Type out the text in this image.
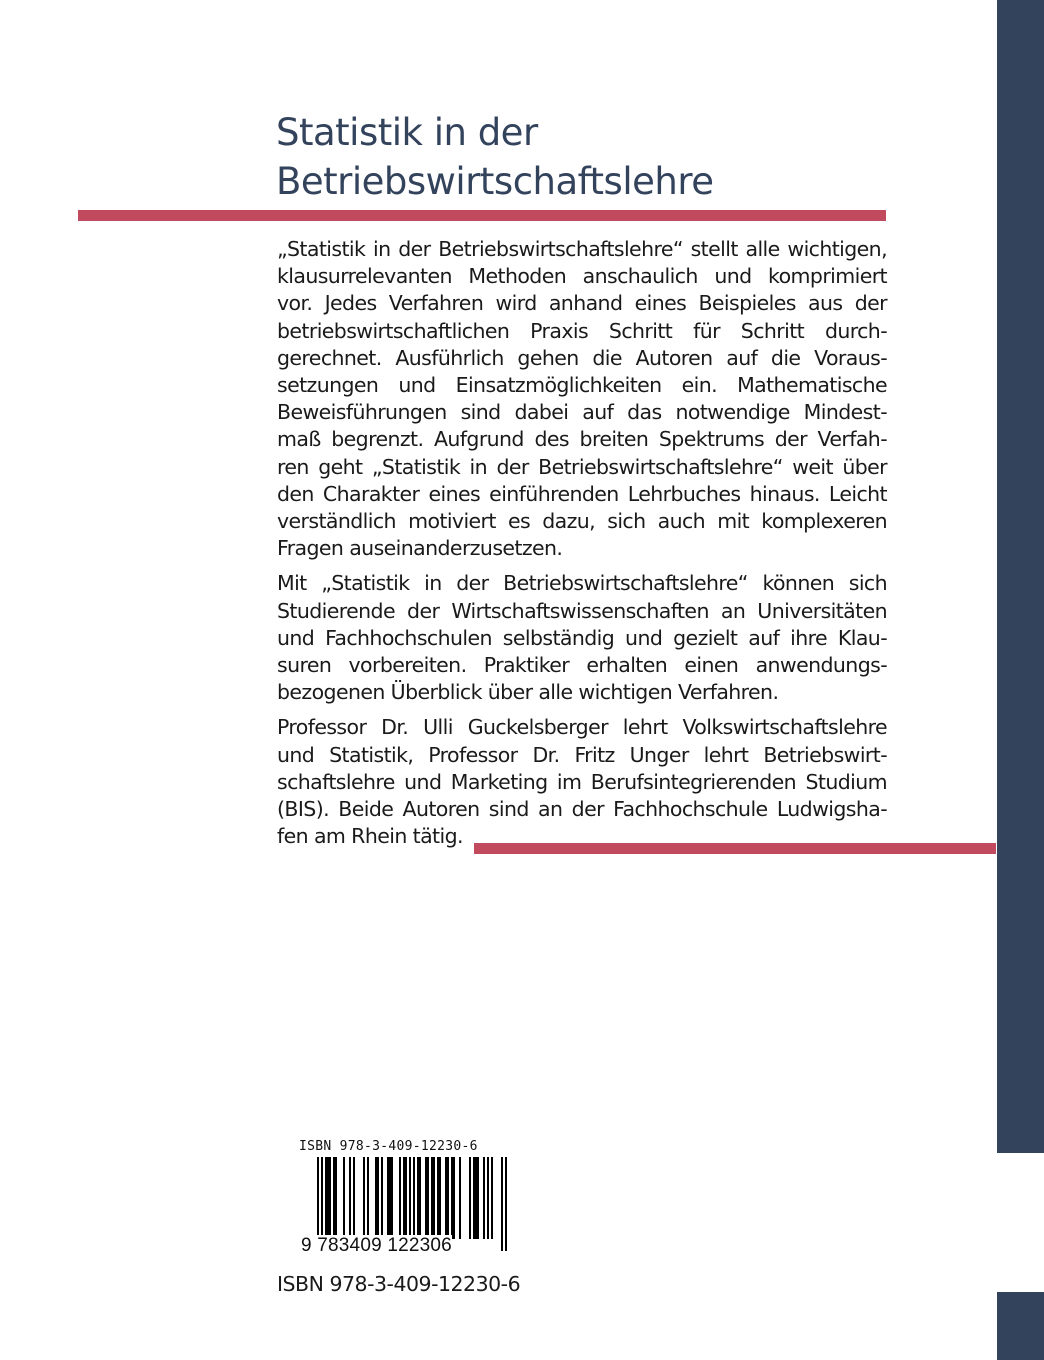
Statistik in der
Betriebswirtschaftslehre
„Statistik in der Betriebswirtschaftslehre“ stellt alle wichtigen,
klausurrelevanten Methoden anschaulich und komprimiert
vor. Jedes Verfahren wird anhand eines Beispieles aus der
betriebswirtschaftlichen Praxis Schritt für Schritt durch-
gerechnet. Ausführlich gehen die Autoren auf die Voraus-
setzungen und Einsatzmöglichkeiten ein. Mathematische
Beweisführungen sind dabei auf das notwendige Mindest-
maß begrenzt. Aufgrund des breiten Spektrums der Verfah-
ren geht „Statistik in der Betriebswirtschaftslehre“ weit über
den Charakter eines einführenden Lehrbuches hinaus. Leicht
verständlich motiviert es dazu, sich auch mit komplexeren
Fragen auseinanderzusetzen.
Mit „Statistik in der Betriebswirtschaftslehre“ können sich
Studierende der Wirtschaftswissenschaften an Universitäten
und Fachhochschulen selbständig und gezielt auf ihre Klau-
suren vorbereiten. Praktiker erhalten einen anwendungs-
bezogenen Überblick über alle wichtigen Verfahren.
Professor Dr. Ulli Guckelsberger lehrt Volkswirtschaftslehre
und Statistik, Professor Dr. Fritz Unger lehrt Betriebswirt-
schaftslehre und Marketing im Berufsintegrierenden Studium
(BIS). Beide Autoren sind an der Fachhochschule Ludwigsha-
fen am Rhein tätig.
ISBN 978-3-409-12230-6
9 783409 122306
ISBN 978-3-409-12230-6
